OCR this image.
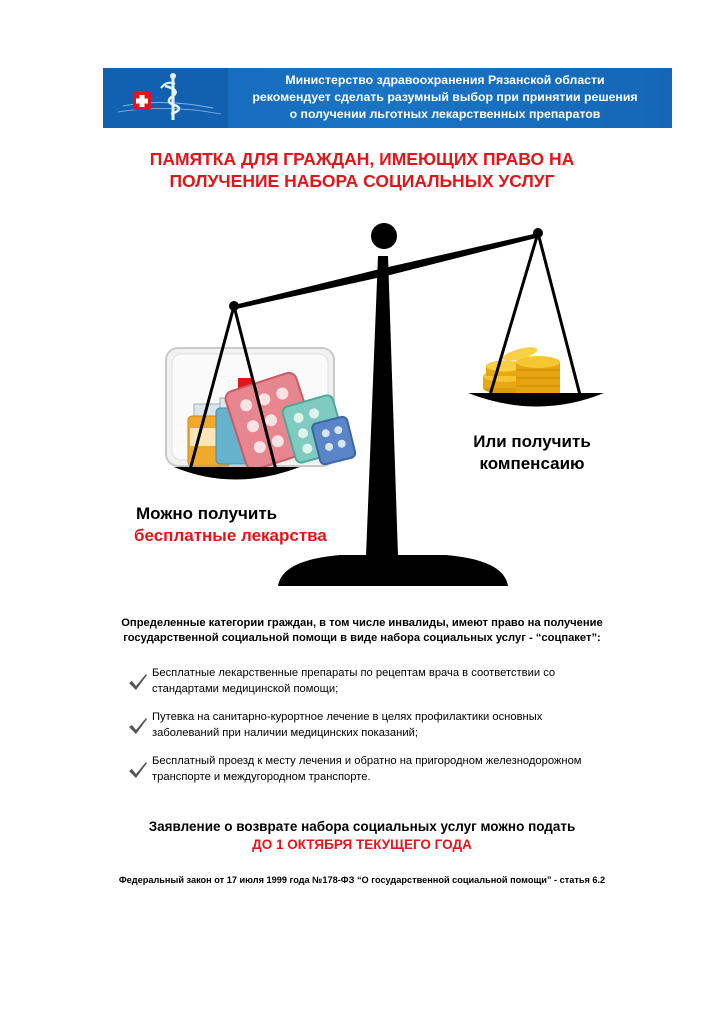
Министерство здравоохранения Рязанской области
рекомендует сделать разумный выбор при принятии решения
о получении льготных лекарственных препаратов
ПАМЯТКА ДЛЯ ГРАЖДАН, ИМЕЮЩИХ ПРАВО НА
ПОЛУЧЕНИЕ НАБОРА СОЦИАЛЬНЫХ УСЛУГ
Или получить
компенсаию
Можно получить
бесплатные лекарства
Определенные категории граждан, в том числе инвалиды, имеют право на получение
государственной социальной помощи в виде набора социальных услуг - “соцпакет”:
Бесплатные лекарственные препараты по рецептам врача в соответствии со
стандартами медицинской помощи;
Путевка на санитарно-курортное лечение в целях профилактики основных
заболеваний при наличии медицинских показаний;
Бесплатный проезд к месту лечения и обратно на пригородном железнодорожном
транспорте и междугородном транспорте.
Заявление о возврате набора социальных услуг можно подать
ДО 1 ОКТЯБРЯ ТЕКУЩЕГО ГОДА
Федеральный закон от 17 июля 1999 года №178-ФЗ “О государственной социальной помощи” - статья 6.2
